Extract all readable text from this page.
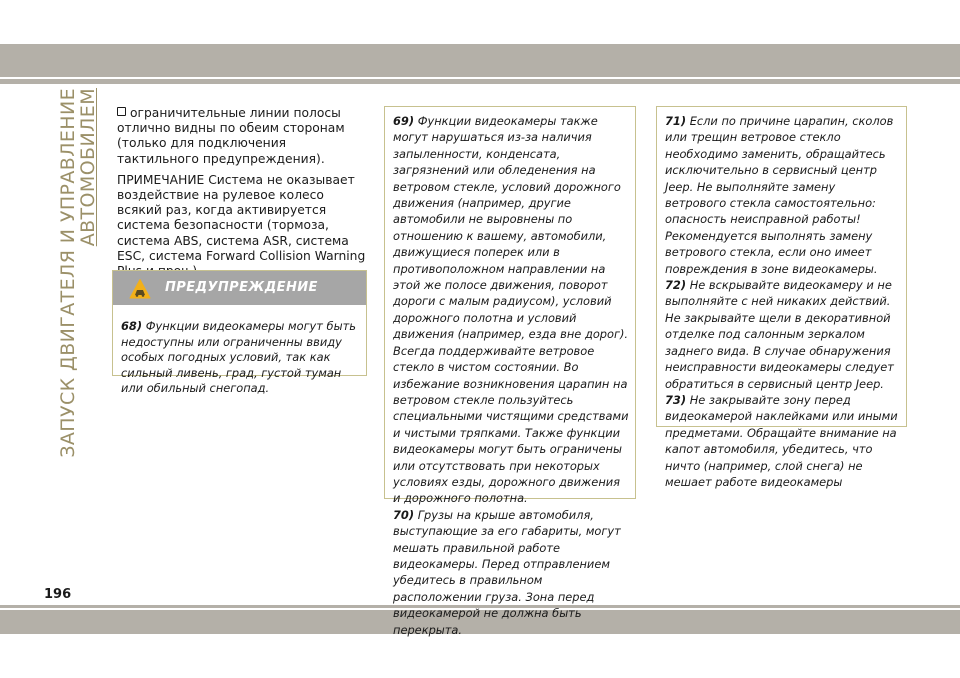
ЗАПУСК ДВИГАТЕЛЯ И УПРАВЛЕНИЕ
АВТОМОБИЛЕМ
196

ограничительные линии полосы отлично видны по обеим сторонам (только для подключения тактильного предупреждения).

ПРИМЕЧАНИЕ Система не оказывает воздействие на рулевое колесо всякий раз, когда активируется система безопасности (тормоза, система ABS, система ASR, система ESC, система Forward Collision Warning

ПРЕДУПРЕЖДЕНИЕ

68) Функции видеокамеры могут быть недоступны или ограниченны ввиду особых погодных условий, так как сильный ливень, град, густой туман или обильный снегопад.

69) Функции видеокамеры также могут нарушаться из-за наличия запыленности, конденсата, загрязнений или обледенения на ветровом стекле, условий дорожного движения (например, другие автомобили не выровнены по отношению к вашему, автомобили, движущиеся поперек или в противоположном направлении на этой же полосе движения, поворот дороги с малым радиусом), условий дорожного полотна и условий движения (например, езда вне дорог). Всегда поддерживайте ветровое стекло в чистом состоянии. Во избежание возникновения царапин на ветровом стекле пользуйтесь специальными чистящими средствами и чистыми тряпками. Также функции видеокамеры могут быть ограничены или отсутствовать при некоторых условиях езды, дорожного движения и дорожного полотна.

70) Грузы на крыше автомобиля, выступающие за его габариты, могут мешать правильной работе видеокамеры. Перед отправлением убедитесь в правильном расположении груза. Зона перед видеокамерой не должна быть перекрыта.

71) Если по причине царапин, сколов или трещин ветровое стекло необходимо заменить, обращайтесь исключительно в сервисный центр Jeep. Не выполняйте замену ветрового стекла самостоятельно: опасность неисправной работы! Рекомендуется выполнять замену ветрового стекла, если оно имеет повреждения в зоне видеокамеры.

72) Не вскрывайте видеокамеру и не выполняйте с ней никаких действий. Не закрывайте щели в декоративной отделке под салонным зеркалом заднего вида. В случае обнаружения неисправности видеокамеры следует обратиться в сервисный центр Jeep.

73) Не закрывайте зону перед видеокамерой наклейками или иными предметами. Обращайте внимание на капот автомобиля, убедитесь, что ничто (например, слой снега) не мешает работе видеокамеры
